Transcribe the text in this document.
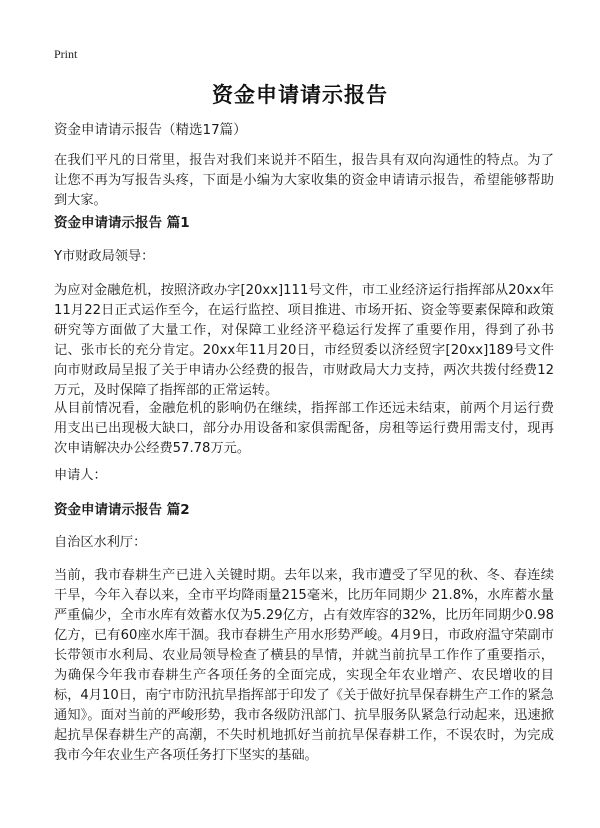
Print
资金申请请示报告

资金申请请示报告（精选17篇）

在我们平凡的日常里，报告对我们来说并不陌生，报告具有双向沟通性的特点。为了让您不再为写报告头疼，下面是小编为大家收集的资金申请请示报告，希望能够帮助到大家。

资金申请请示报告 篇1

Y市财政局领导：

为应对金融危机，按照济政办字[20xx]111号文件，市工业经济运行指挥部从20xx年11月22日正式运作至今，在运行监控、项目推进、市场开拓、资金等要素保障和政策研究等方面做了大量工作，对保障工业经济平稳运行发挥了重要作用，得到了孙书记、张市长的充分肯定。20xx年11月20日，市经贸委以济经贸字[20xx]189号文件向市财政局呈报了关于申请办公经费的报告，市财政局大力支持，两次共拨付经费12万元，及时保障了指挥部的正常运转。

从目前情况看，金融危机的影响仍在继续，指挥部工作还远未结束，前两个月运行费用支出已出现极大缺口，部分办用设备和家俱需配备，房租等运行费用需支付，现再次申请解决办公经费57.78万元。

申请人：

资金申请请示报告 篇2

自治区水利厅：

当前，我市春耕生产已进入关键时期。去年以来，我市遭受了罕见的秋、冬、春连续干旱，今年入春以来，全市平均降雨量215毫米，比历年同期少 21.8%，水库蓄水量严重偏少，全市水库有效蓄水仅为5.29亿方，占有效库容的32%，比历年同期少0.98亿方，已有60座水库干涸。我市春耕生产用水形势严峻。4月9日，市政府温守荣副市长带领市水利局、农业局领导检查了横县的旱情，并就当前抗旱工作作了重要指示，为确保今年我市春耕生产各项任务的全面完成，实现全年农业增产、农民增收的目标，4月10日，南宁市防汛抗旱指挥部于印发了《关于做好抗旱保春耕生产工作的紧急通知》。面对当前的严峻形势，我市各级防汛部门、抗旱服务队紧急行动起来，迅速掀起抗旱保春耕生产的高潮，不失时机地抓好当前抗旱保春耕工作，不误农时，为完成我市今年农业生产各项任务打下坚实的基础。
